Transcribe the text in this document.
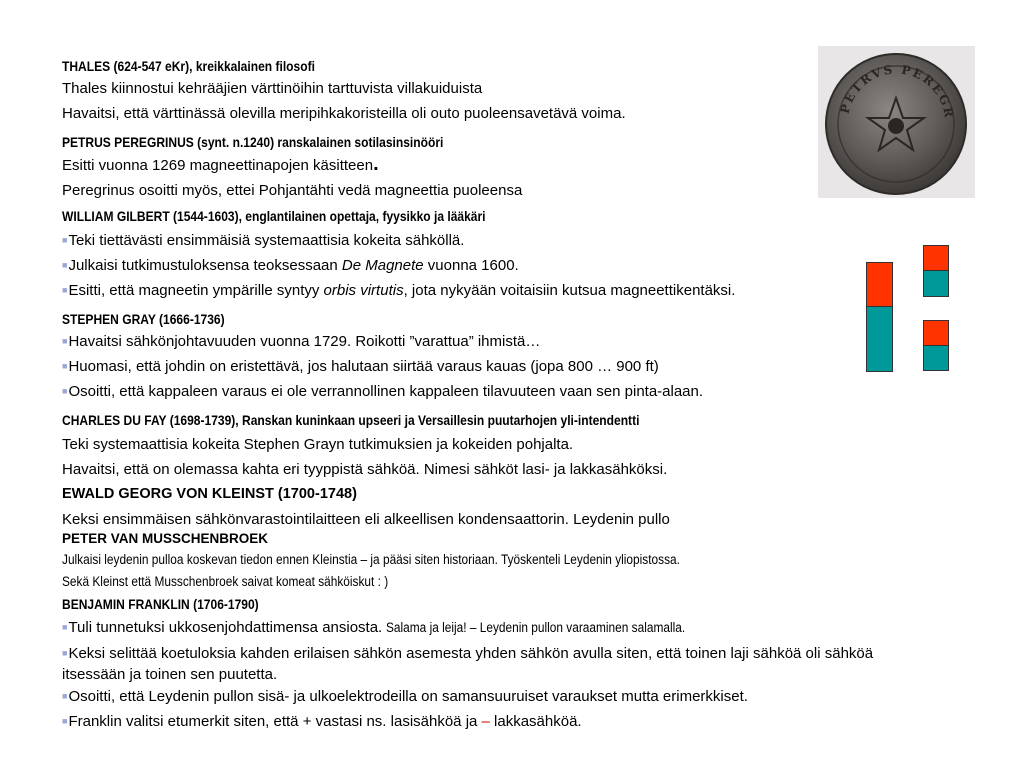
THALES (624-547 eKr), kreikkalainen filosofi
Thales kiinnostui kehrääjien värttinöihin tarttuvista villakuiduista
Havaitsi, että värttinässä olevilla meripihkakoristeilla oli outo puoleensavetävä voima.
PETRUS PEREGRINUS (synt. n.1240) ranskalainen sotilasinsinööri
Esitti vuonna 1269 magneettinapojen käsitteen.
Peregrinus osoitti myös, ettei Pohjantähti vedä magneettia puoleensa
WILLIAM GILBERT (1544-1603), englantilainen opettaja, fyysikko ja lääkäri
■Teki tiettävästi ensimmäisiä systemaattisia kokeita sähköllä.
■Julkaisi tutkimustuloksensa teoksessaan De Magnete vuonna 1600.
■Esitti, että magneetin ympärille syntyy orbis virtutis, jota nykyään voitaisiin kutsua magneettikentäksi.
STEPHEN GRAY (1666-1736)
■Havaitsi sähkönjohtavuuden vuonna 1729. Roikotti ”varattua” ihmistä…
■Huomasi, että johdin on eristettävä, jos halutaan siirtää varaus kauas (jopa 800 … 900 ft)
■Osoitti, että kappaleen varaus ei ole verrannollinen kappaleen tilavuuteen vaan sen pinta-alaan.
CHARLES DU FAY (1698-1739), Ranskan kuninkaan upseeri ja Versaillesin puutarhojen yli-intendentti
Teki systemaattisia kokeita Stephen Grayn tutkimuksien ja kokeiden pohjalta.
Havaitsi, että on olemassa kahta eri tyyppistä sähköä. Nimesi sähköt lasi- ja lakkasähköksi.
EWALD GEORG VON KLEINST (1700-1748)
Keksi ensimmäisen sähkönvarastointilaitteen eli alkeellisen kondensaattorin. Leydenin pullo
PETER VAN MUSSCHENBROEK
Julkaisi leydenin pulloa koskevan tiedon ennen Kleinstia – ja pääsi siten historiaan. Työskenteli Leydenin yliopistossa.
Sekä Kleinst että Musschenbroek saivat komeat sähköiskut : )
BENJAMIN FRANKLIN (1706-1790)
■Tuli tunnetuksi ukkosenjohdattimensa ansiosta. Salama ja leija! – Leydenin pullon varaaminen salamalla.
■Keksi selittää koetuloksia kahden erilaisen sähkön asemesta yhden sähkön avulla siten, että toinen laji sähköä oli sähköä itsessään ja toinen sen puutetta.
■Osoitti, että Leydenin pullon sisä- ja ulkoelektrodeilla on samansuuruiset varaukset mutta erimerkkiset.
■Franklin valitsi etumerkit siten, että + vastasi ns. lasisähköä ja – lakkasähköä.
PETRVS PEREGR
